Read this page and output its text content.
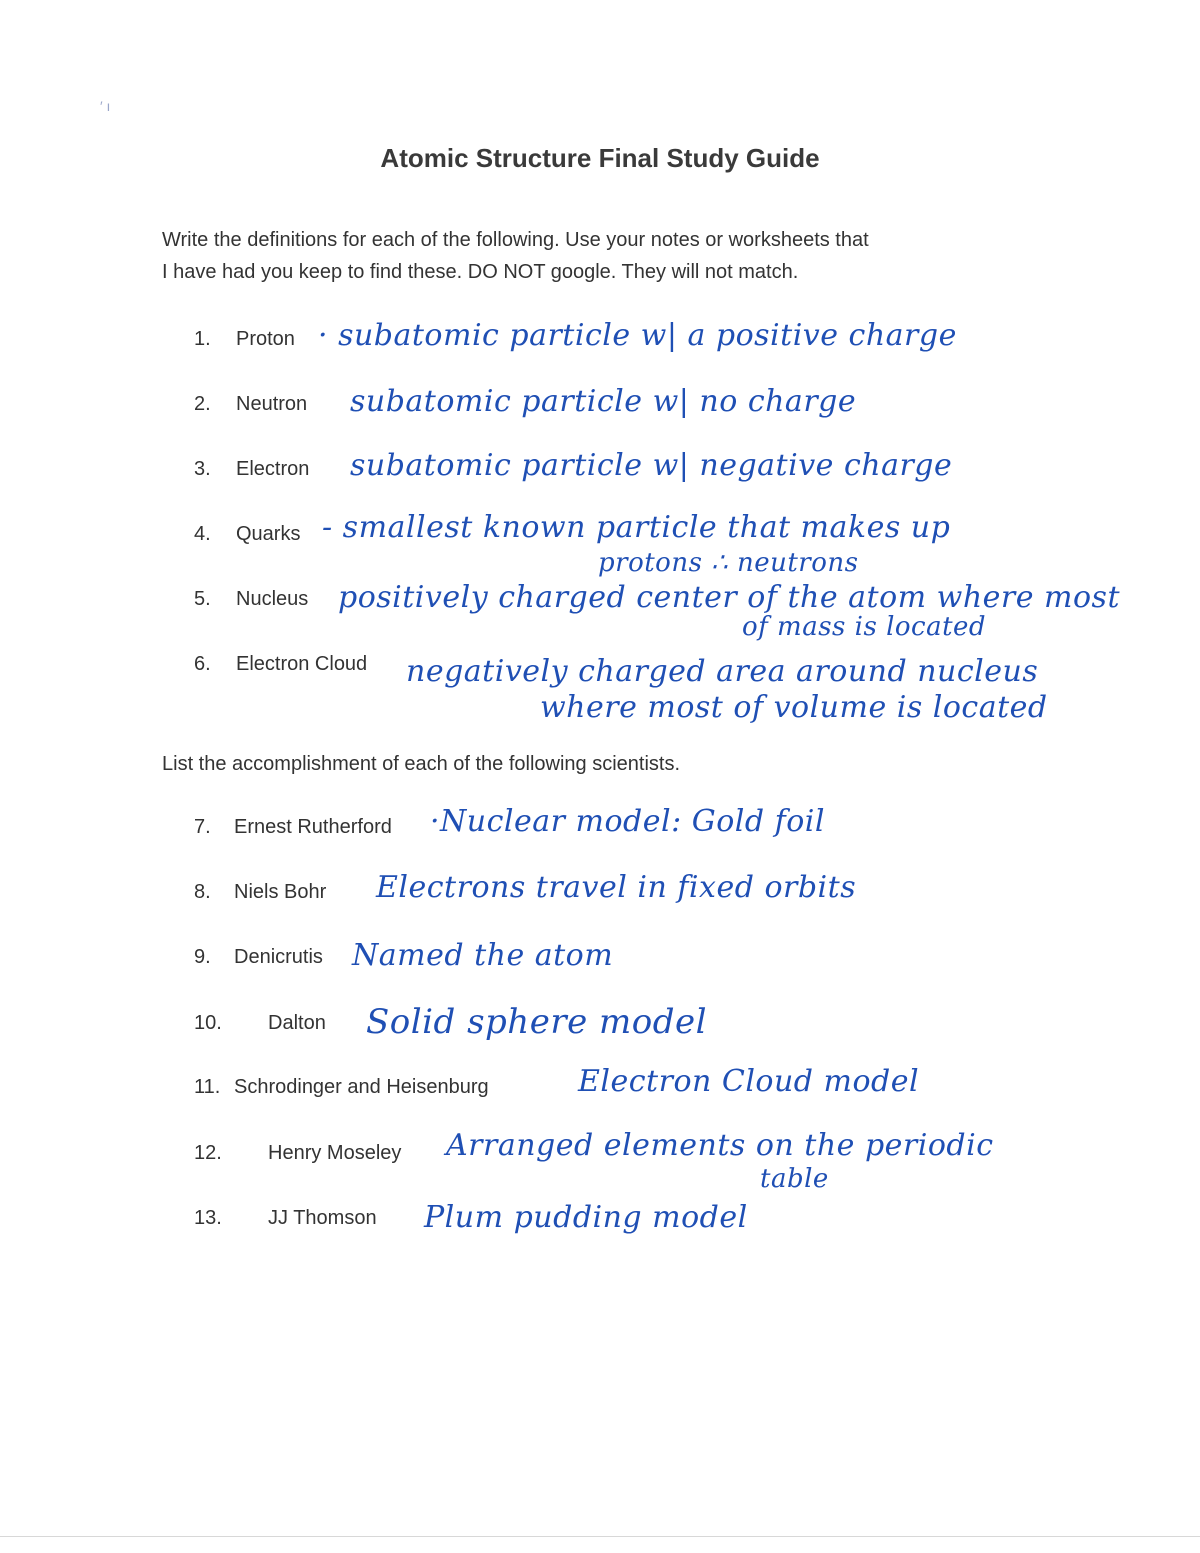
′ ı
Atomic Structure Final Study Guide
Write the definitions for each of the following. Use your notes or worksheets that
I have had you keep to find these. DO NOT google. They will not match.
1. Proton · subatomic particle w| a positive charge
2. Neutron subatomic particle w| no charge
3. Electron subatomic particle w| negative charge
4. Quarks - smallest known particle that makes up
protons ∴ neutrons
5. Nucleus positively charged center of the atom where most
of mass is located
6. Electron Cloud negatively charged area around nucleus
where most of volume is located
List the accomplishment of each of the following scientists.
7. Ernest Rutherford ·Nuclear model: Gold foil
8. Niels Bohr Electrons travel in fixed orbits
9. Denicrutis Named the atom
10. Dalton Solid sphere model
11. Schrodinger and Heisenburg	Electron Cloud model
12. Henry Moseley Arranged elements on the periodic
table
13. JJ Thomson Plum pudding model
